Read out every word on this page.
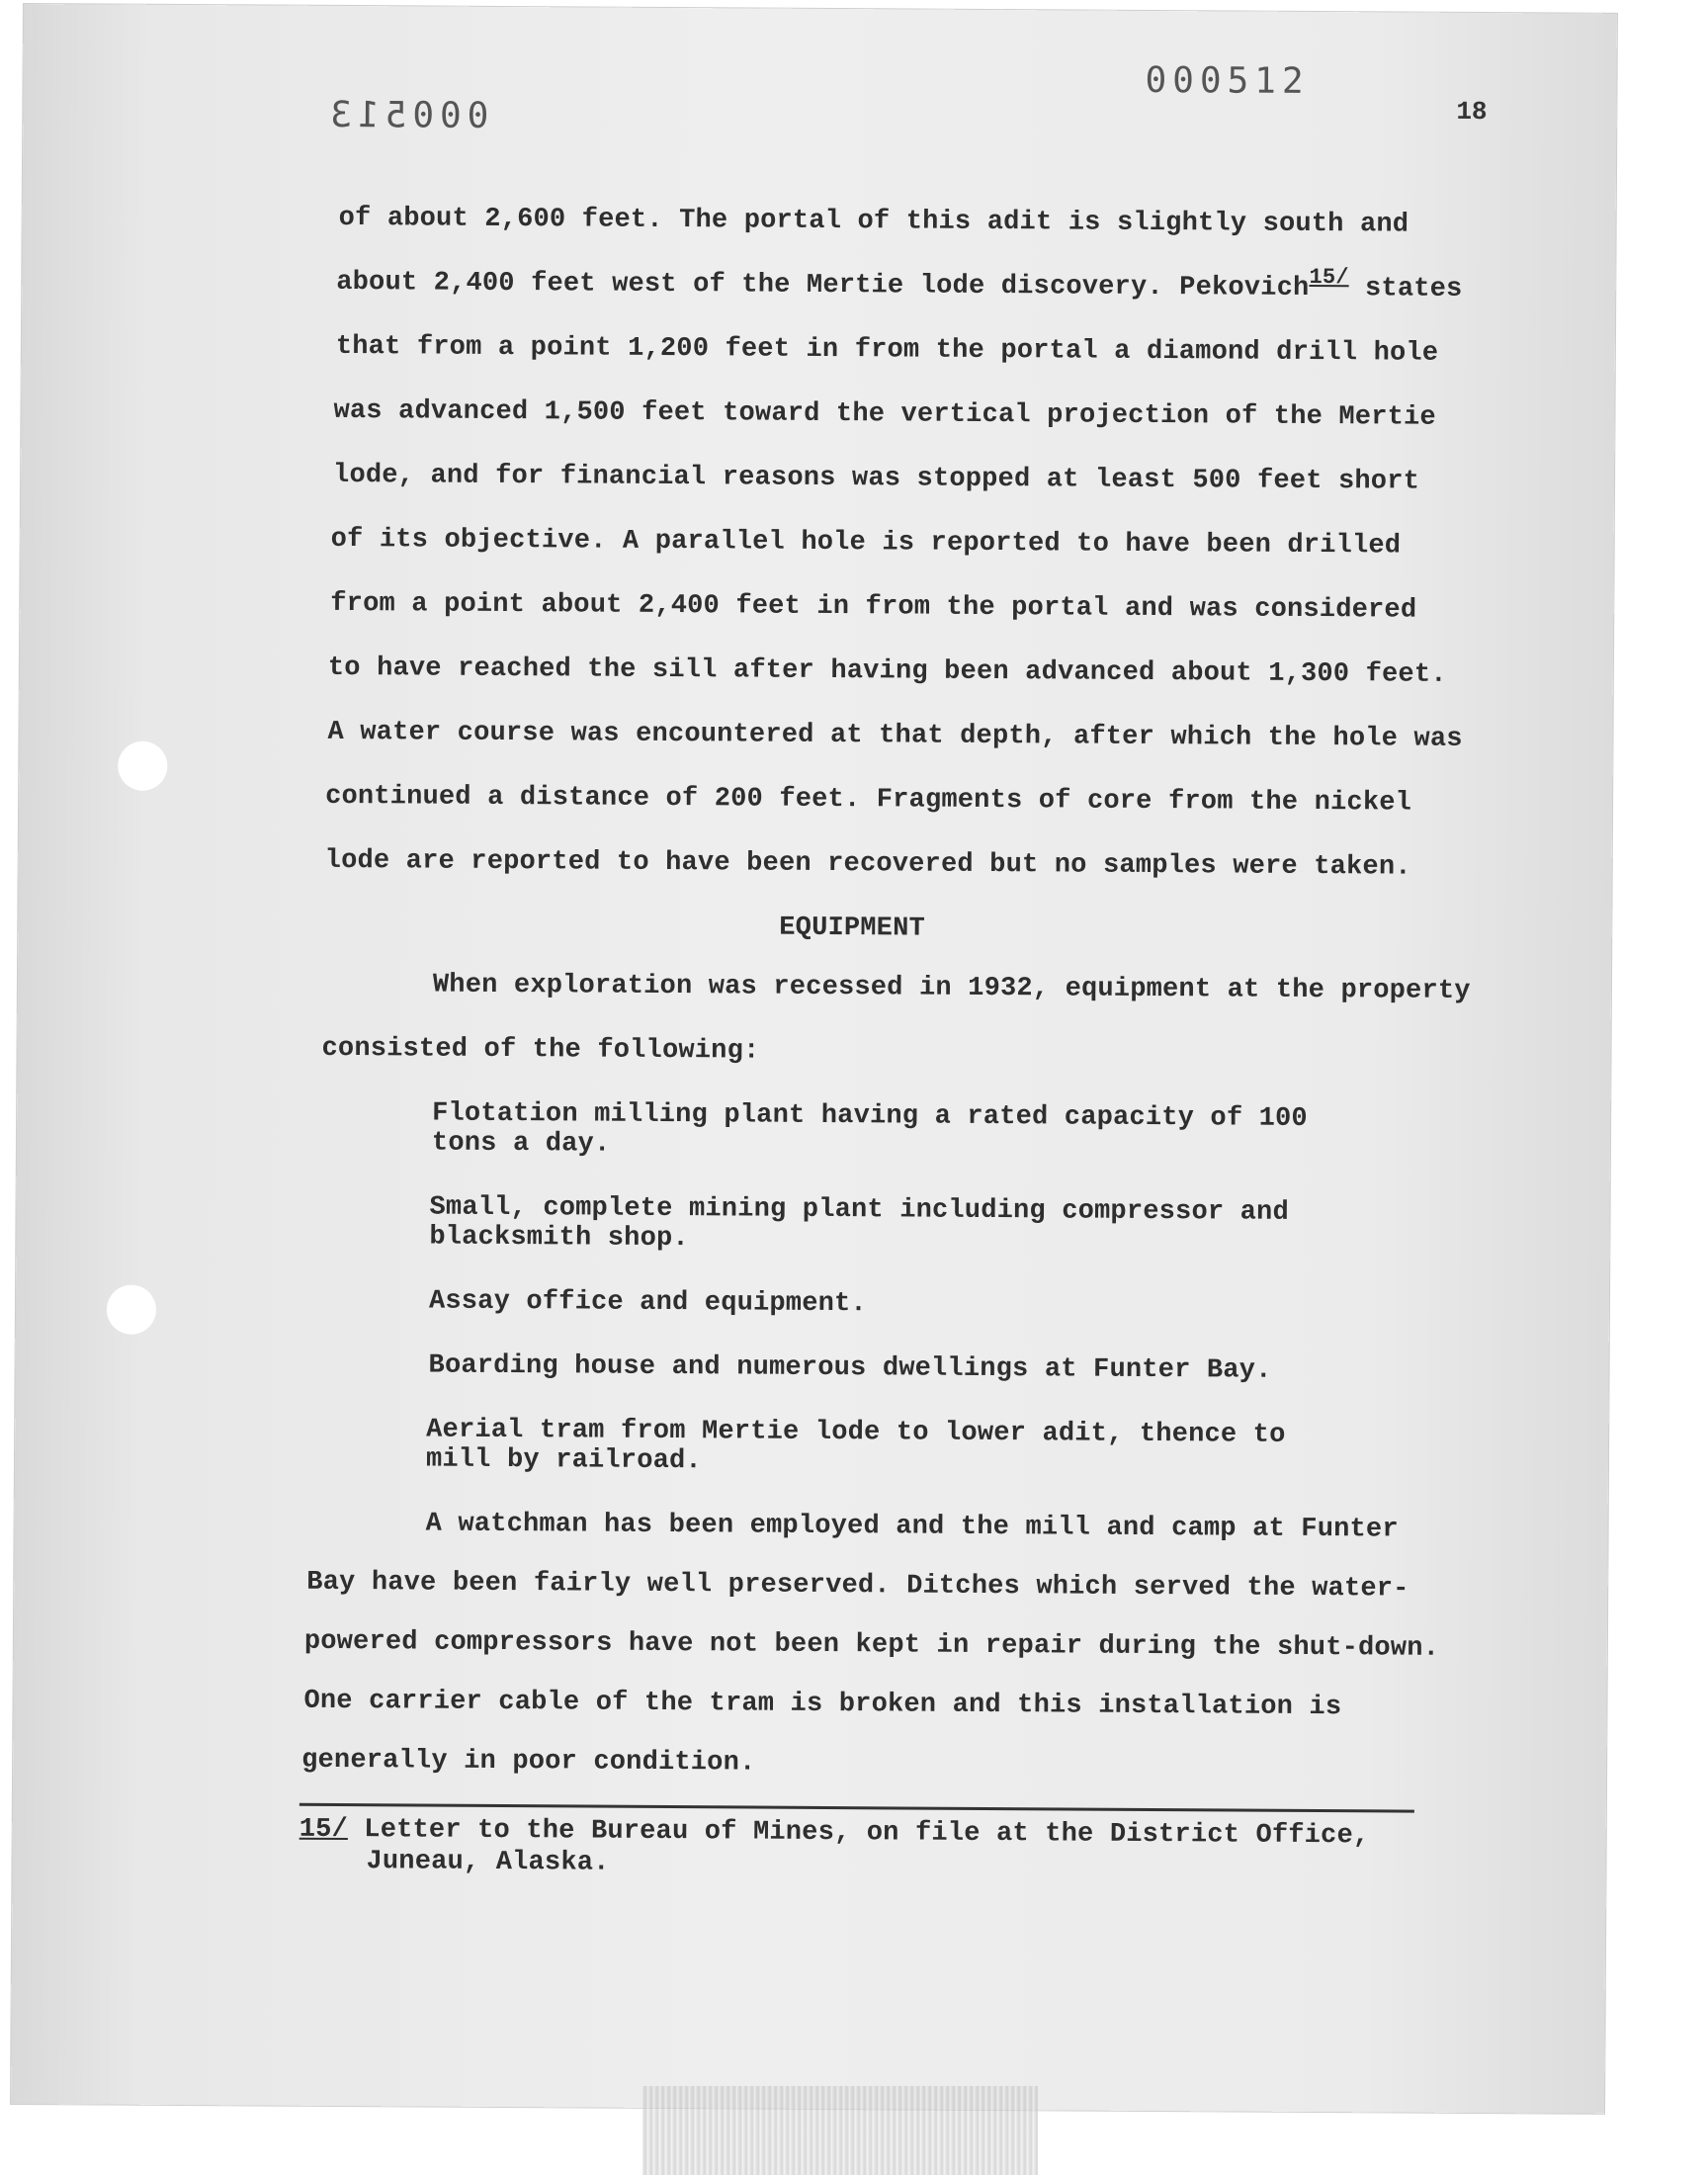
000513
000512
18
of about 2,600 feet. The portal of this adit is slightly south and
about 2,400 feet west of the Mertie lode discovery. Pekovich$^{15/}$ states
that from a point 1,200 feet in from the portal a diamond drill hole
was advanced 1,500 feet toward the vertical projection of the Mertie
lode, and for financial reasons was stopped at least 500 feet short
of its objective. A parallel hole is reported to have been drilled
from a point about 2,400 feet in from the portal and was considered
to have reached the sill after having been advanced about 1,300 feet.
A water course was encountered at that depth, after which the hole was
continued a distance of 200 feet. Fragments of core from the nickel
lode are reported to have been recovered but no samples were taken.
EQUIPMENT
When exploration was recessed in 1932, equipment at the property
consisted of the following:
Flotation milling plant having a rated capacity of 100
tons a day.
Small, complete mining plant including compressor and
blacksmith shop.
Assay office and equipment.
Boarding house and numerous dwellings at Funter Bay.
Aerial tram from Mertie lode to lower adit, thence to
mill by railroad.
A watchman has been employed and the mill and camp at Funter
Bay have been fairly well preserved. Ditches which served the water-
powered compressors have not been kept in repair during the shut-down.
One carrier cable of the tram is broken and this installation is
generally in poor condition.
15/ Letter to the Bureau of Mines, on file at the District Office,
Juneau, Alaska.
